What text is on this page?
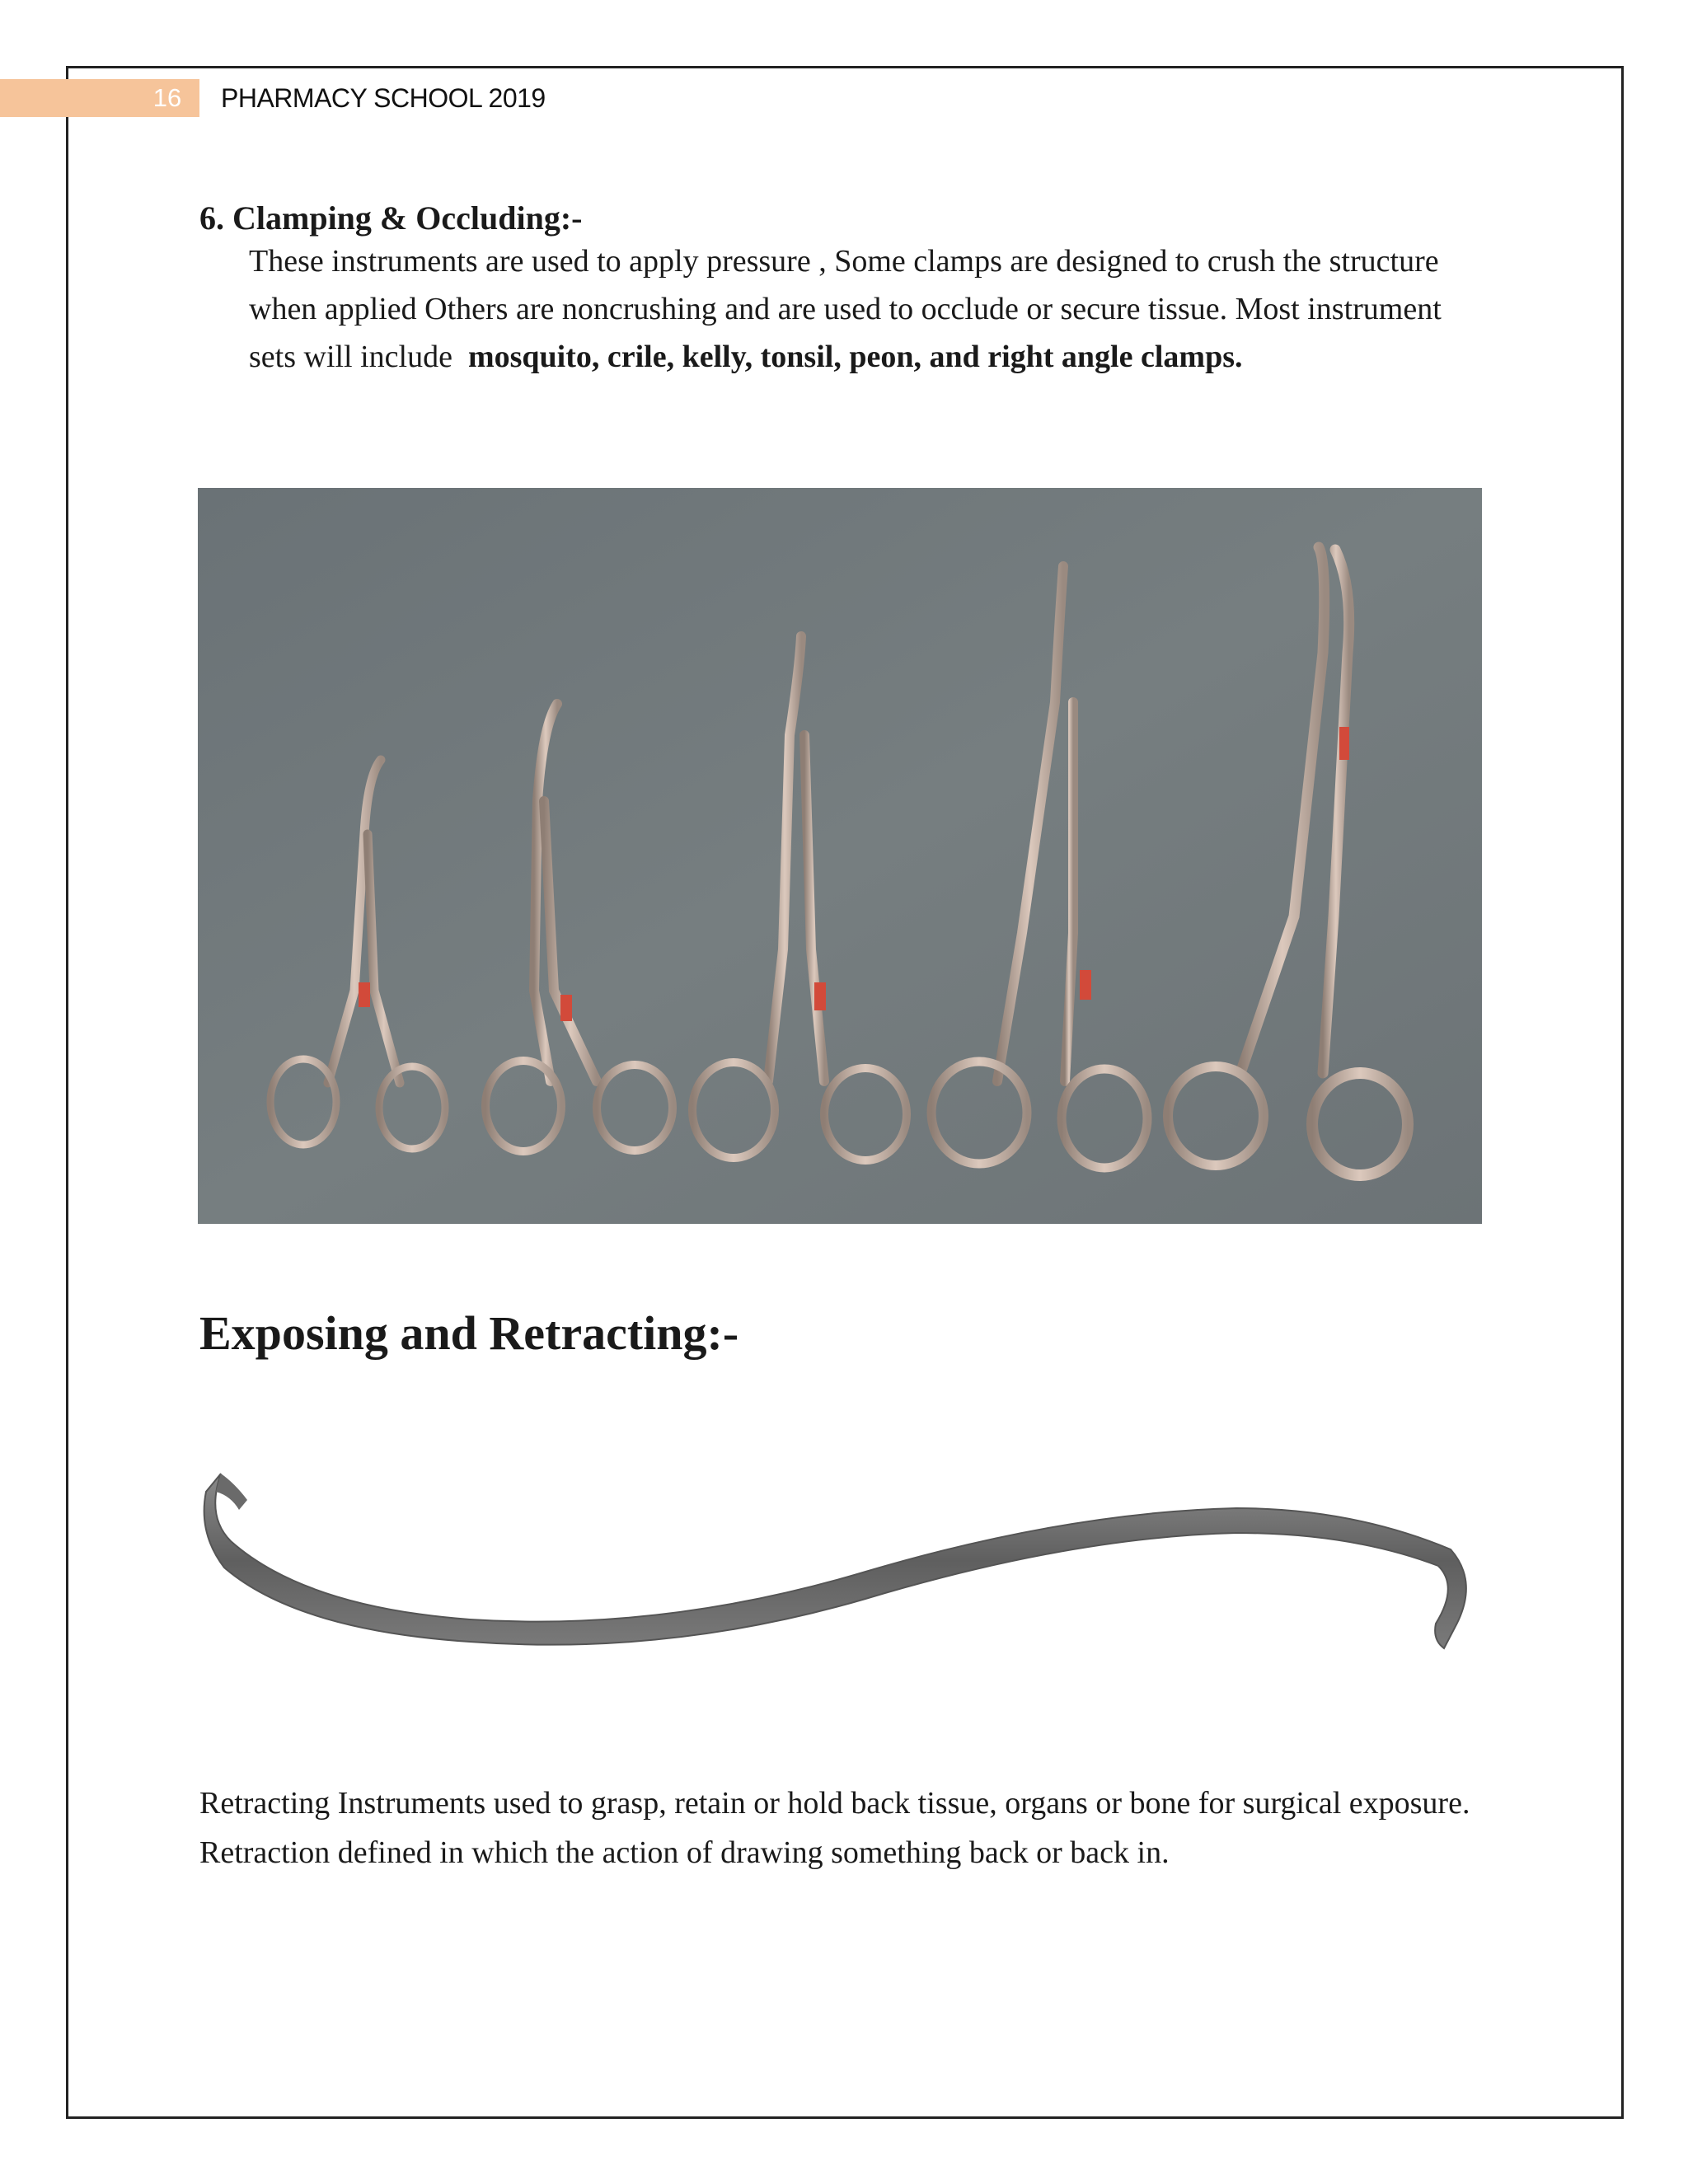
16 PHARMACY SCHOOL 2019
6. Clamping & Occluding:-
These instruments are used to apply pressure , Some clamps are designed to crush the structure when applied Others are noncrushing and are used to occlude or secure tissue. Most instrument sets will include mosquito, crile, kelly, tonsil, peon, and right angle clamps.
Exposing and Retracting:-
Retracting Instruments used to grasp, retain or hold back tissue, organs or bone for surgical exposure. Retraction defined in which the action of drawing something back or back in.
